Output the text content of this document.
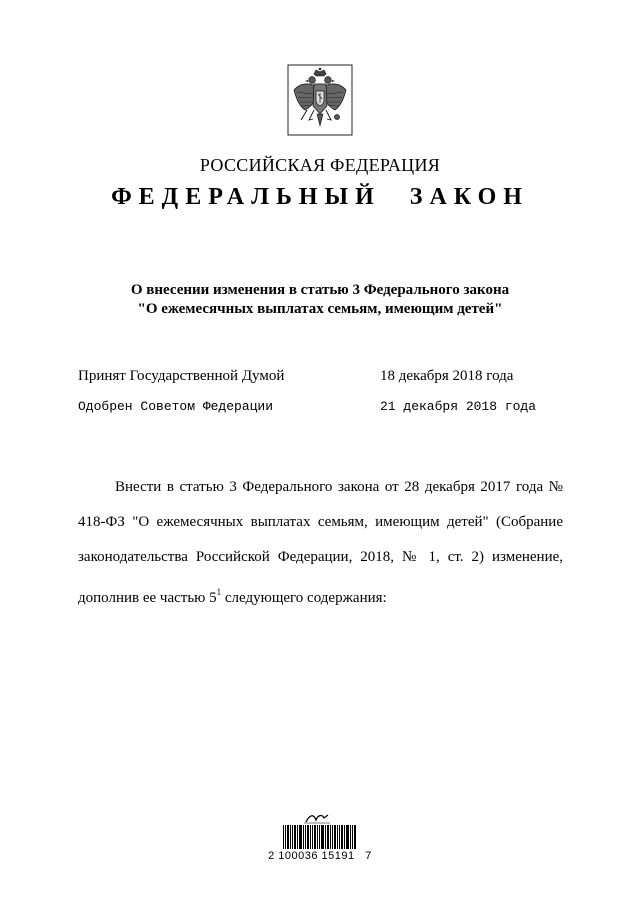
РОССИЙСКАЯ ФЕДЕРАЦИЯ
ФЕДЕРАЛЬНЫЙ ЗАКОН
О внесении изменения в статью 3 Федерального закона
"О ежемесячных выплатах семьям, имеющим детей"
Принят Государственной Думой	18 декабря 2018 года
Одобрен Советом Федерации	21 декабря 2018 года
Внести в статью 3 Федерального закона от 28 декабря 2017 года № 418-ФЗ "О ежемесячных выплатах семьям, имеющим детей" (Собрание законодательства Российской Федерации, 2018, № 1, ст. 2) изменение, дополнив ее частью $5^1$ следующего содержания:
2 100036 15191   7
